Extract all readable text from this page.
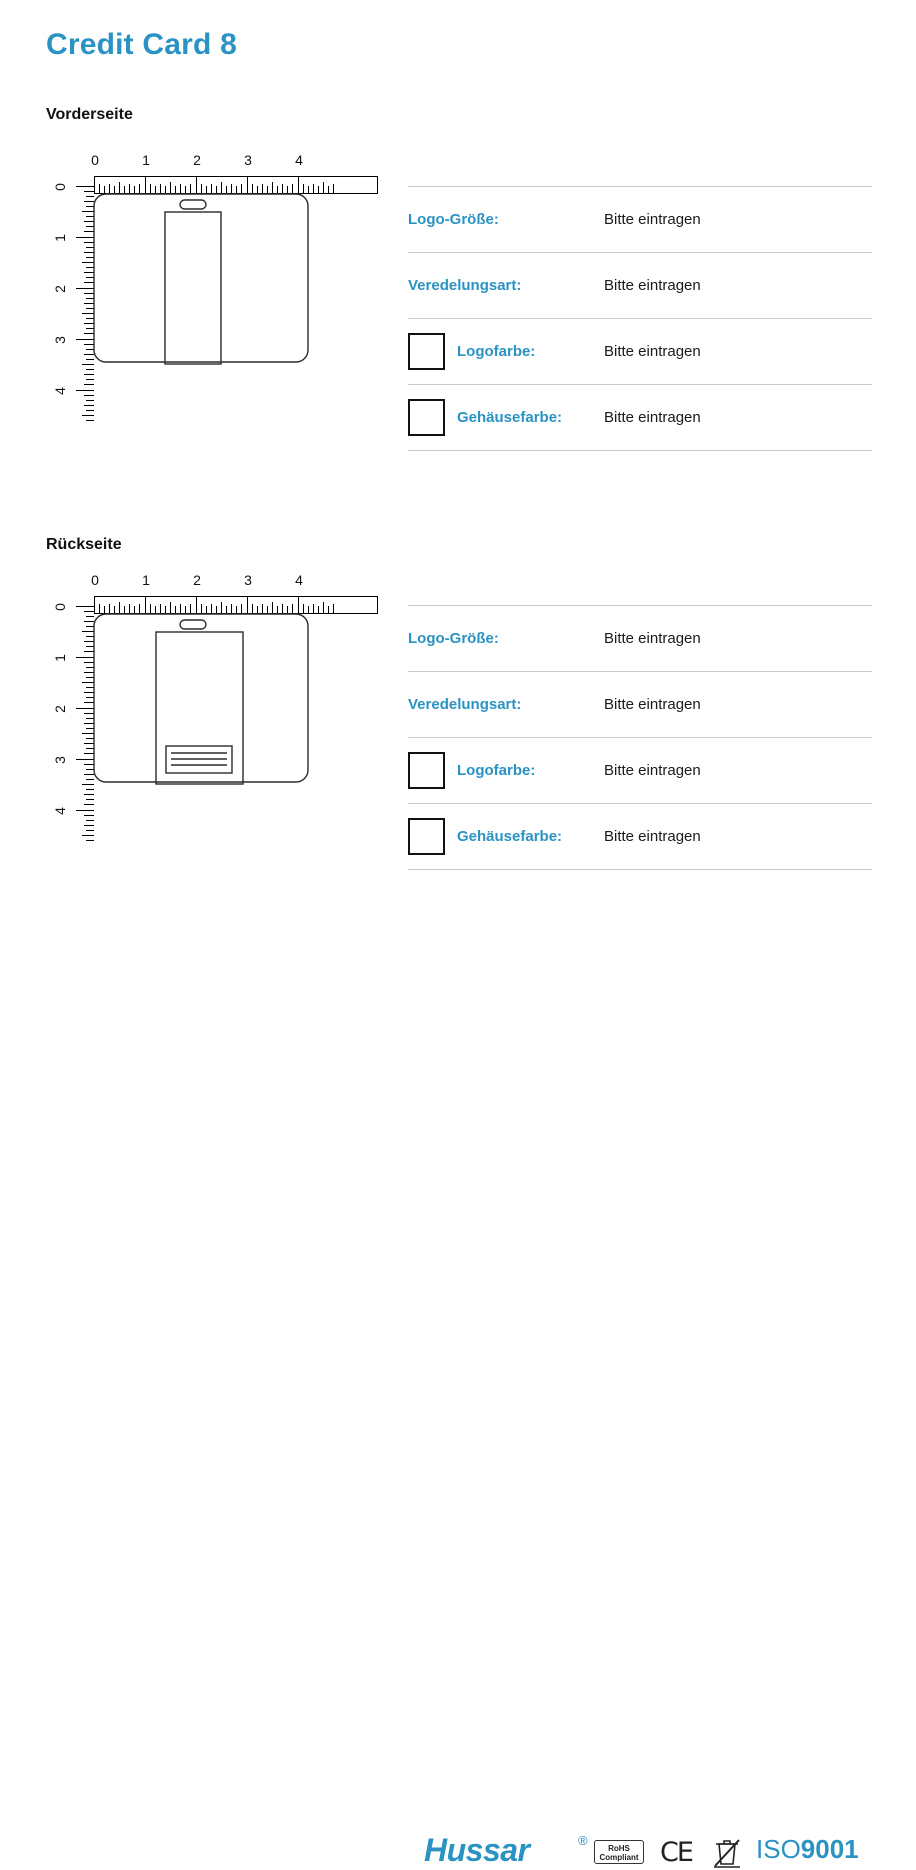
Credit Card 8
Vorderseite
0	1	2	3	4
0
1
2
3
4
Logo-Größe:	Bitte eintragen
Veredelungsart:	Bitte eintragen
Logofarbe:	Bitte eintragen
Gehäusefarbe:	Bitte eintragen
Rückseite
0	1	2	3	4
0
1
2
3
4
Logo-Größe:	Bitte eintragen
Veredelungsart:	Bitte eintragen
Logofarbe:	Bitte eintragen
Gehäusefarbe:	Bitte eintragen
Hussar	®
RoHS
Compliant CE ISO9001
